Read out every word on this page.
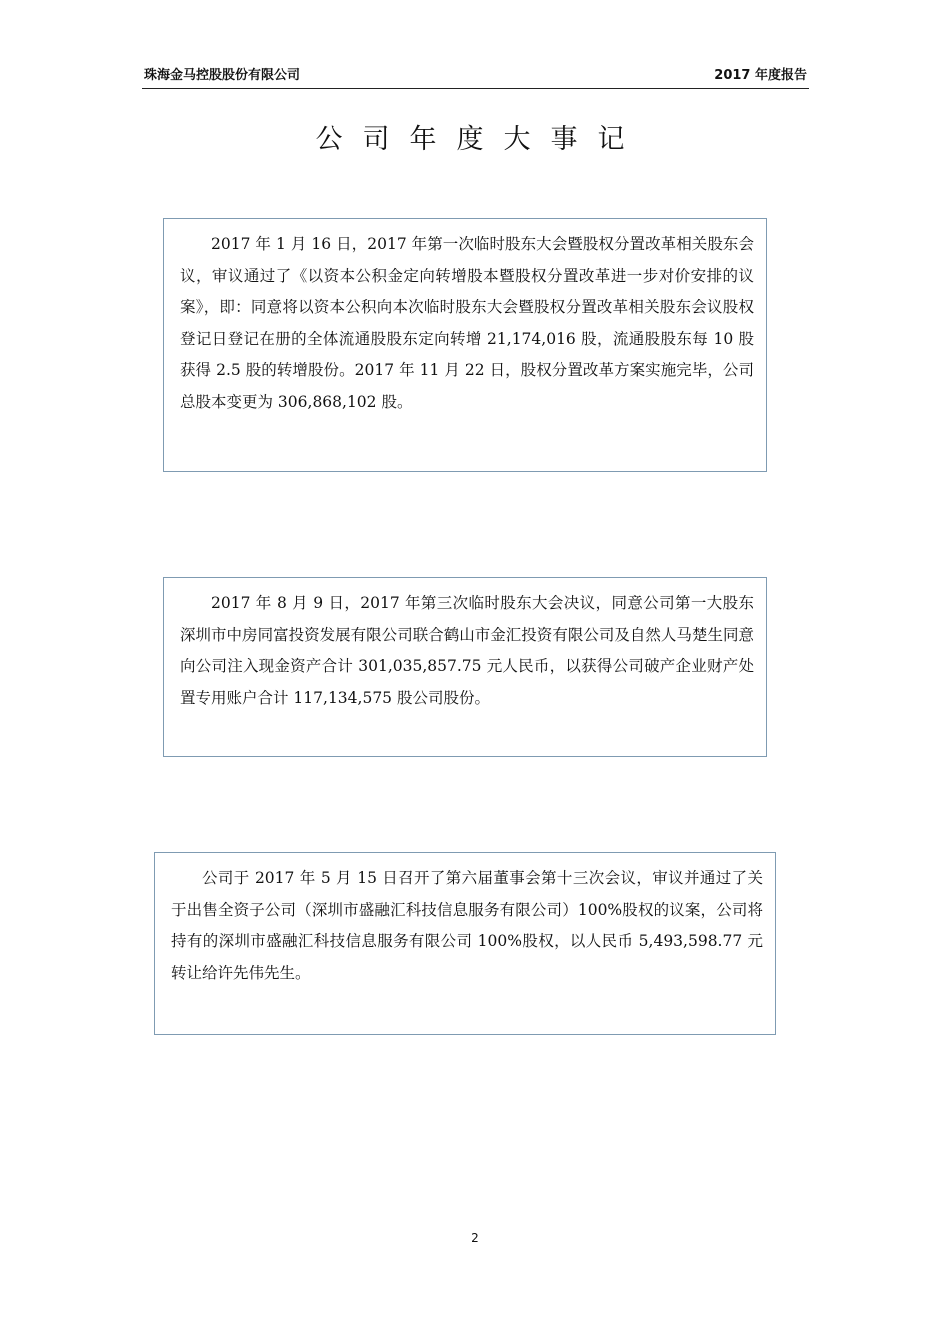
珠海金马控股股份有限公司	2017 年度报告
公司年度大事记

2017 年 1 月 16 日，2017 年第一次临时股东大会暨股权分置改革相关股东会议，审议通过了《以资本公积金定向转增股本暨股权分置改革进一步对价安排的议案》，即：同意将以资本公积向本次临时股东大会暨股权分置改革相关股东会议股权登记日登记在册的全体流通股股东定向转增 21,174,016 股，流通股股东每 10 股获得 2.5 股的转增股份。2017 年 11 月 22 日，股权分置改革方案实施完毕，公司总股本变更为 306,868,102 股。

2017 年 8 月 9 日，2017 年第三次临时股东大会决议，同意公司第一大股东深圳市中房同富投资发展有限公司联合鹤山市金汇投资有限公司及自然人马楚生同意向公司注入现金资产合计 301,035,857.75 元人民币，以获得公司破产企业财产处置专用账户合计 117,134,575 股公司股份。

公司于 2017 年 5 月 15 日召开了第六届董事会第十三次会议，审议并通过了关于出售全资子公司（深圳市盛融汇科技信息服务有限公司）100%股权的议案，公司将持有的深圳市盛融汇科技信息服务有限公司 100%股权，以人民币 5,493,598.77 元转让给许先伟先生。

2
